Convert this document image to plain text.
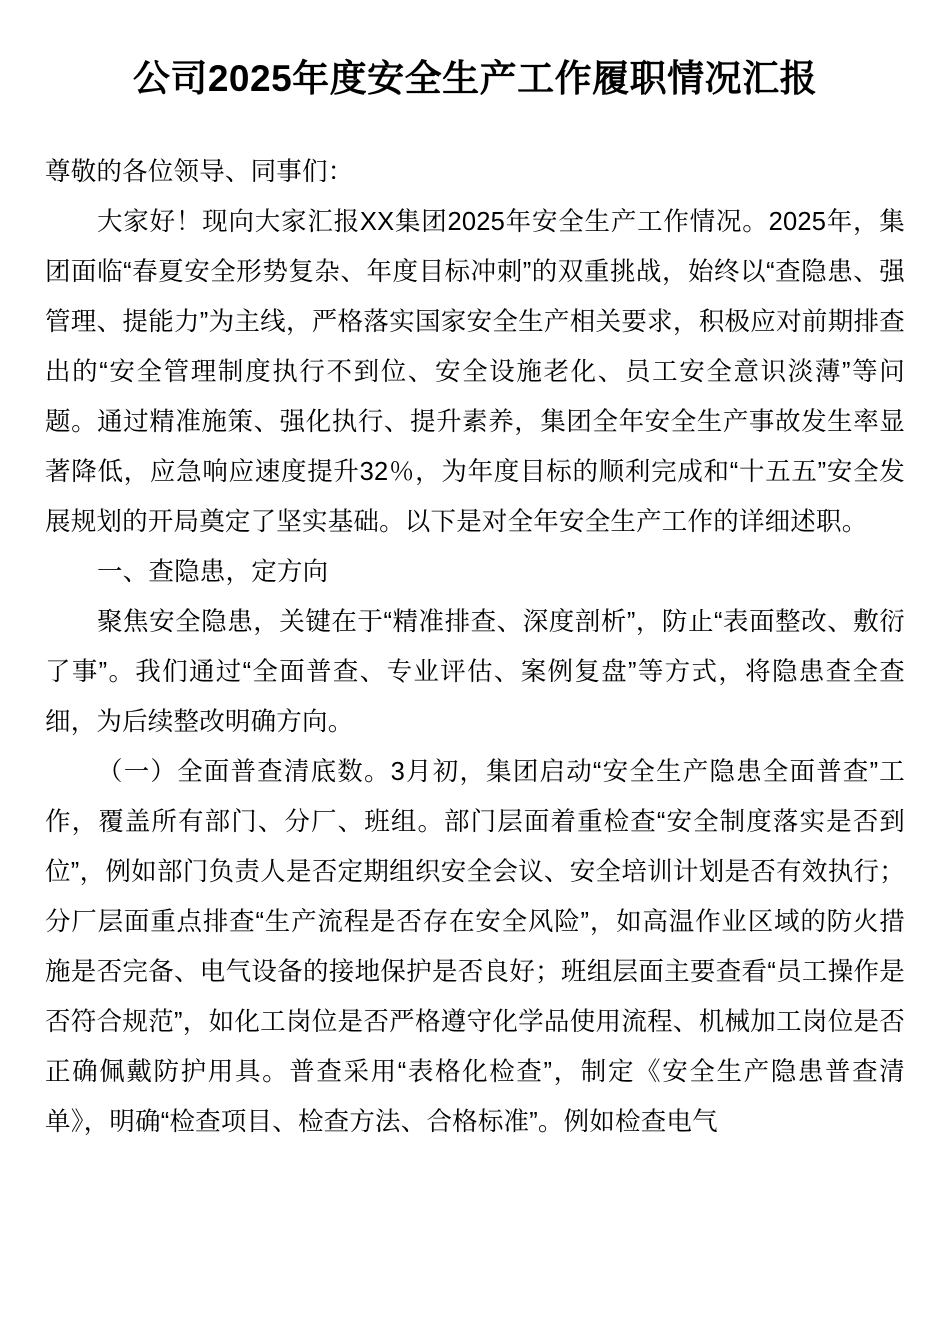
公司2025年度安全生产工作履职情况汇报

尊敬的各位领导、同事们：

大家好！现向大家汇报XX集团2025年安全生产工作情况。2025年，集团面临“春夏安全形势复杂、年度目标冲刺”的双重挑战，始终以“查隐患、强管理、提能力”为主线，严格落实国家安全生产相关要求，积极应对前期排查出的“安全管理制度执行不到位、安全设施老化、员工安全意识淡薄”等问题。通过精准施策、强化执行、提升素养，集团全年安全生产事故发生率显著降低，应急响应速度提升32％，为年度目标的顺利完成和“十五五”安全发展规划的开局奠定了坚实基础。以下是对全年安全生产工作的详细述职。

一、查隐患，定方向

聚焦安全隐患，关键在于“精准排查、深度剖析”，防止“表面整改、敷衍了事”。我们通过“全面普查、专业评估、案例复盘”等方式，将隐患查全查细，为后续整改明确方向。

（一）全面普查清底数。3月初，集团启动“安全生产隐患全面普查”工作，覆盖所有部门、分厂、班组。部门层面着重检查“安全制度落实是否到位”，例如部门负责人是否定期组织安全会议、安全培训计划是否有效执行；分厂层面重点排查“生产流程是否存在安全风险”，如高温作业区域的防火措施是否完备、电气设备的接地保护是否良好；班组层面主要查看“员工操作是否符合规范”，如化工岗位是否严格遵守化学品使用流程、机械加工岗位是否正确佩戴防护用具。普查采用“表格化检查”，制定《安全生产隐患普查清单》，明确“检查项目、检查方法、合格标准”。例如检查电气
